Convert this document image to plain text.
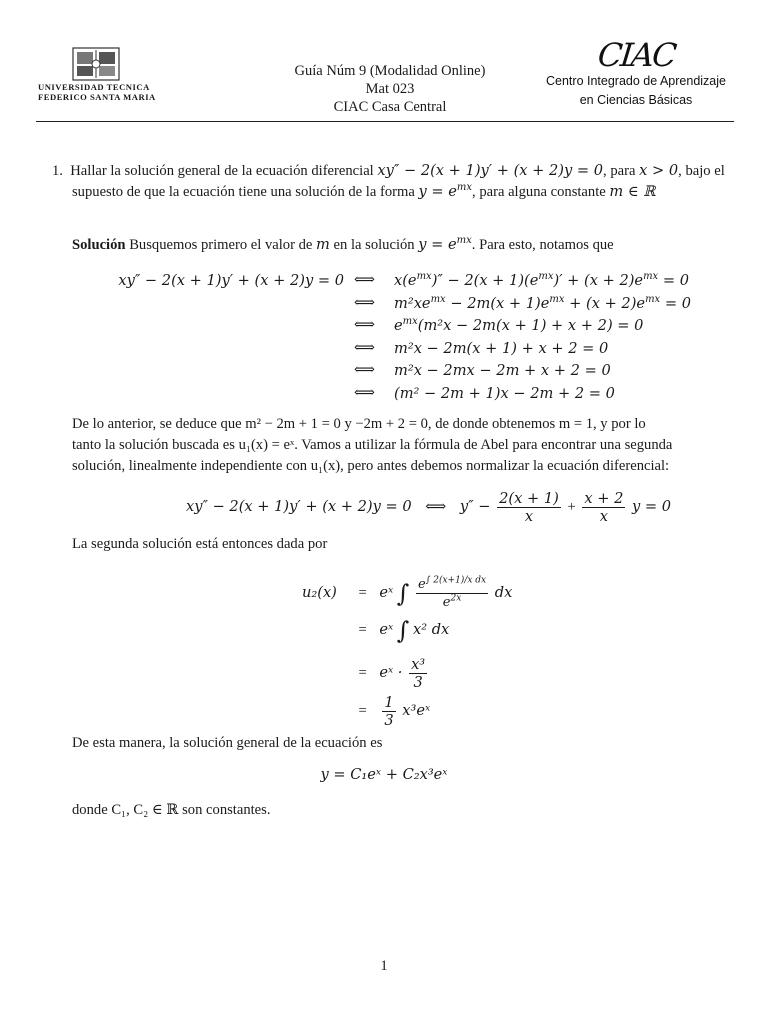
UNIVERSIDAD TECNICA
FEDERICO SANTA MARIA
Guía Núm 9 (Modalidad Online)
Mat 023
CIAC Casa Central
CIAC
Centro Integrado de Aprendizaje
en Ciencias Básicas
1. Hallar la solución general de la ecuación diferencial xy″ − 2(x + 1)y′ + (x + 2)y = 0, para x > 0, bajo el
supuesto de que la ecuación tiene una solución de la forma $y = e^{mx}$, para alguna constante m ∈ ℝ
Solución Busquemos primero el valor de m en la solución $y = e^{mx}$. Para esto, notamos que
xy″ − 2(x + 1)y′ + (x + 2)y = 0 ⟺ $x(e^{mx})'' - 2(x + 1)(e^{mx})' + (x + 2)e^{mx} = 0$
⟺ $m^2xe^{mx} - 2m(x + 1)e^{mx} + (x + 2)e^{mx} = 0$
⟺ $e^{mx}(m^2x - 2m(x + 1) + x + 2) = 0$
⟺ m²x − 2m(x + 1) + x + 2 = 0
⟺ m²x − 2mx − 2m + x + 2 = 0
⟺ (m² − 2m + 1)x − 2m + 2 = 0
De lo anterior, se deduce que m² − 2m + 1 = 0 y −2m + 2 = 0, de donde obtenemos m = 1, y por lo
tanto la solución buscada es u₁(x) = eˣ. Vamos a utilizar la fórmula de Abel para encontrar una segunda
solución, linealmente independiente con u₁(x), pero antes debemos normalizar la ecuación diferencial:
xy″ − 2(x + 1)y′ + (x + 2)y = 0 ⟺ $y'' - \frac{2(x + 1)}{x} + \frac{x + 2}{x}$ y = 0
La segunda solución está entonces dada por
u₂(x) = eˣ ∫ $\frac{e^{\int 2(x+1)/x dx}}{e^{2x}}$ dx
= eˣ ∫ x² dx
= eˣ · $\frac{\text{x³}}{3}$
= $\frac{1}{3}$ x³eˣ
De esta manera, la solución general de la ecuación es
y = C₁eˣ + C₂x³eˣ
donde C₁, C₂ ∈ ℝ son constantes.
1
